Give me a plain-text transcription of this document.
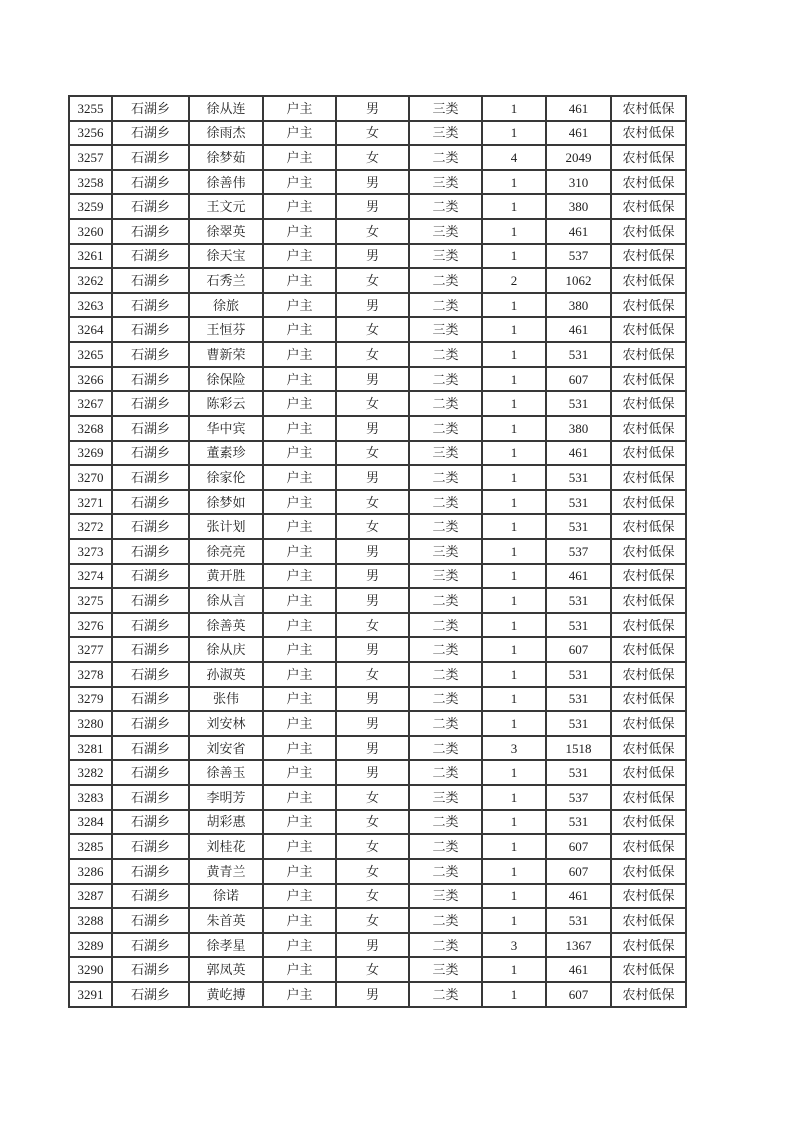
3255	石湖乡	徐从连	户主	男	三类	1	461	农村低保
3256	石湖乡	徐雨杰	户主	女	三类	1	461	农村低保
3257	石湖乡	徐梦茹	户主	女	二类	4	2049	农村低保
3258	石湖乡	徐善伟	户主	男	三类	1	310	农村低保
3259	石湖乡	王文元	户主	男	二类	1	380	农村低保
3260	石湖乡	徐翠英	户主	女	三类	1	461	农村低保
3261	石湖乡	徐天宝	户主	男	三类	1	537	农村低保
3262	石湖乡	石秀兰	户主	女	二类	2	1062	农村低保
3263	石湖乡	徐旅	户主	男	二类	1	380	农村低保
3264	石湖乡	王恒芬	户主	女	三类	1	461	农村低保
3265	石湖乡	曹新荣	户主	女	二类	1	531	农村低保
3266	石湖乡	徐保险	户主	男	二类	1	607	农村低保
3267	石湖乡	陈彩云	户主	女	二类	1	531	农村低保
3268	石湖乡	华中宾	户主	男	二类	1	380	农村低保
3269	石湖乡	董素珍	户主	女	三类	1	461	农村低保
3270	石湖乡	徐家伦	户主	男	二类	1	531	农村低保
3271	石湖乡	徐梦如	户主	女	二类	1	531	农村低保
3272	石湖乡	张计划	户主	女	二类	1	531	农村低保
3273	石湖乡	徐亮亮	户主	男	三类	1	537	农村低保
3274	石湖乡	黄开胜	户主	男	三类	1	461	农村低保
3275	石湖乡	徐从言	户主	男	二类	1	531	农村低保
3276	石湖乡	徐善英	户主	女	二类	1	531	农村低保
3277	石湖乡	徐从庆	户主	男	二类	1	607	农村低保
3278	石湖乡	孙淑英	户主	女	二类	1	531	农村低保
3279	石湖乡	张伟	户主	男	二类	1	531	农村低保
3280	石湖乡	刘安林	户主	男	二类	1	531	农村低保
3281	石湖乡	刘安省	户主	男	二类	3	1518	农村低保
3282	石湖乡	徐善玉	户主	男	二类	1	531	农村低保
3283	石湖乡	李明芳	户主	女	三类	1	537	农村低保
3284	石湖乡	胡彩惠	户主	女	二类	1	531	农村低保
3285	石湖乡	刘桂花	户主	女	二类	1	607	农村低保
3286	石湖乡	黄青兰	户主	女	二类	1	607	农村低保
3287	石湖乡	徐诺	户主	女	三类	1	461	农村低保
3288	石湖乡	朱首英	户主	女	二类	1	531	农村低保
3289	石湖乡	徐孝星	户主	男	二类	3	1367	农村低保
3290	石湖乡	郭凤英	户主	女	三类	1	461	农村低保
3291	石湖乡	黄屹搏	户主	男	二类	1	607	农村低保
